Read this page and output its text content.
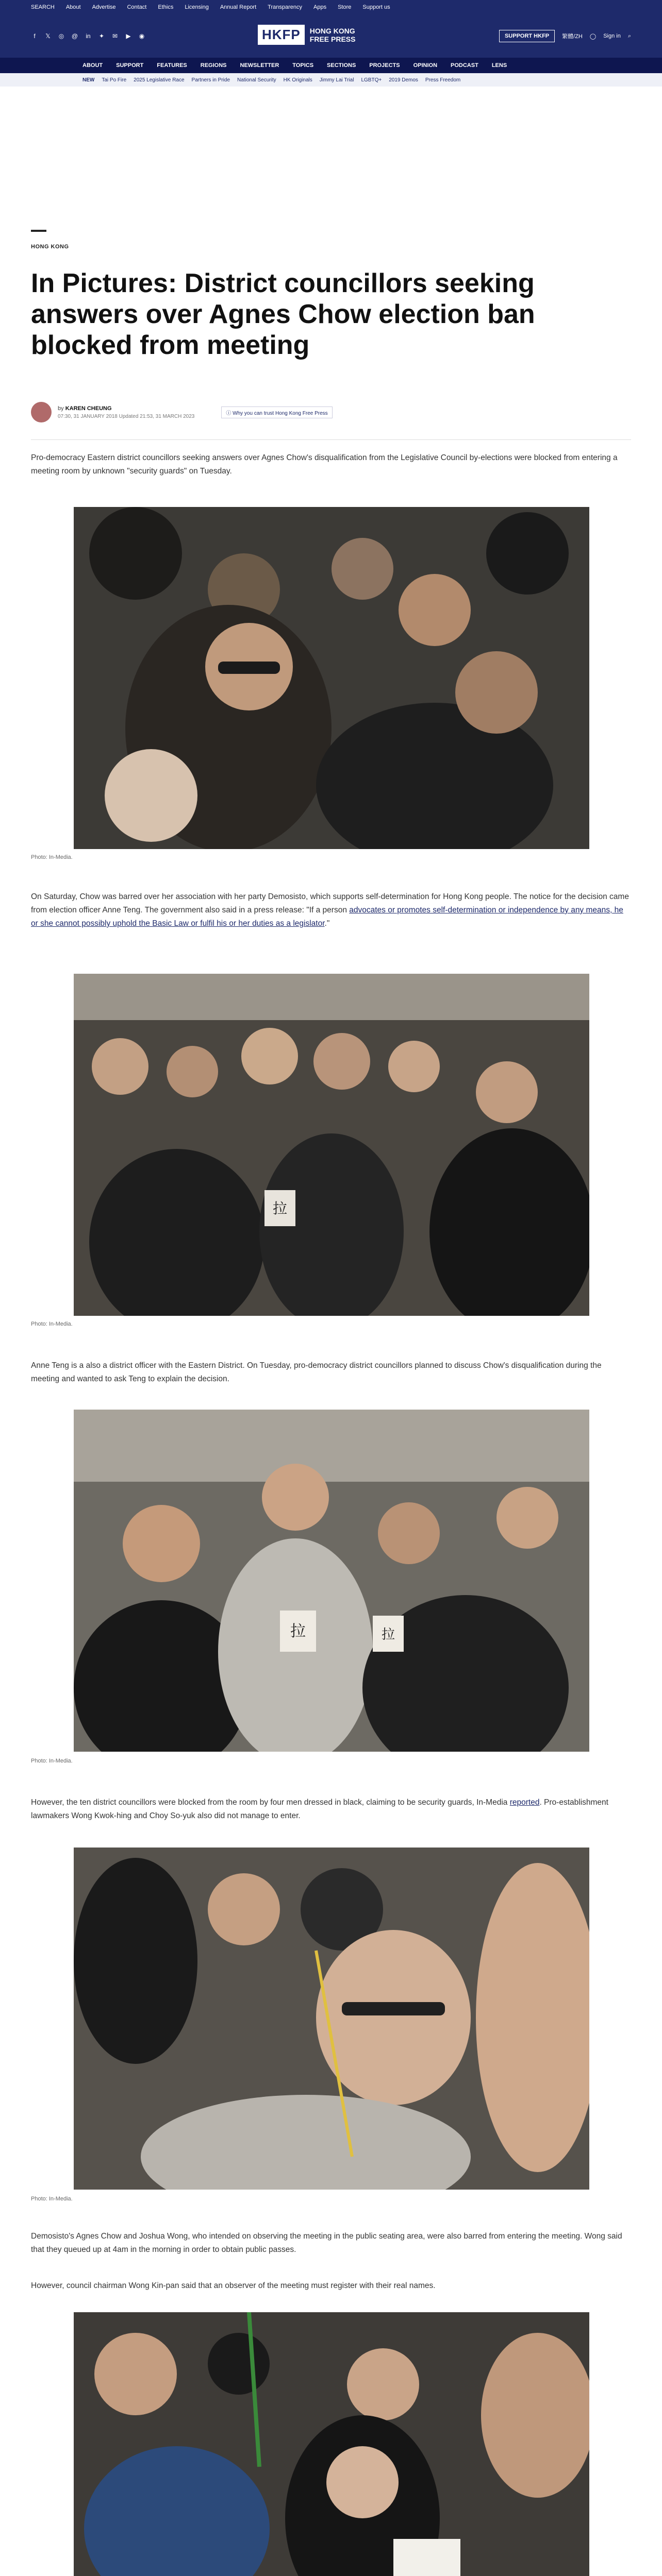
SEARCH About Advertise Contact Ethics Licensing Annual Report Transparency Apps Store Support us
f	𝕏 ◎ @ in ✦ ✉ ▶ ◉	HKFP	HONG KONG
FREE PRESS	SUPPORT HKFP	繁體/ZH ◯ Sign in ⌕
ABOUT SUPPORT FEATURES REGIONS NEWSLETTER TOPICS SECTIONS PROJECTS OPINION PODCAST LENS
NEW Tai Po Fire 2025 Legislative Race Partners in Pride National Security HK Originals Jimmy Lai Trial LGBTQ+ 2019 Demos Press Freedom
HONG KONG
In Pictures: District councillors seeking answers over Agnes Chow election ban blocked from meeting
by KAREN CHEUNG
07:30, 31 JANUARY 2018 Updated 21:53, 31 MARCH 2023
ⓘ Why you can trust Hong Kong Free Press

Pro-democracy Eastern district councillors seeking answers over Agnes Chow's disqualification from the Legislative Council by-elections were blocked from entering a meeting room by unknown "security guards" on Tuesday.

Photo: In-Media.

On Saturday, Chow was barred over her association with her party Demosisto, which supports self-determination for Hong Kong people. The notice for the decision came from election officer Anne Teng. The government also said in a press release: "If a person advocates or promotes self-determination or independence by any means, he or she cannot possibly uphold the Basic Law or fulfil his or her duties as a legislator."

拉
Photo: In-Media.

Anne Teng is a also a district officer with the Eastern District. On Tuesday, pro-democracy district councillors planned to discuss Chow's disqualification during the meeting and wanted to ask Teng to explain the decision.

拉	拉
Photo: In-Media.

However, the ten district councillors were blocked from the room by four men dressed in black, claiming to be security guards, In-Media reported. Pro-establishment lawmakers Wong Kwok-hing and Choy So-yuk also did not manage to enter.

Photo: In-Media.

Demosisto's Agnes Chow and Joshua Wong, who intended on observing the meeting in the public seating area, were also barred from entering the meeting. Wong said that they queued up at 4am in the morning in order to obtain public passes.

However, council chairman Wong Kin-pan said that an observer of the meeting must register with their real names.
